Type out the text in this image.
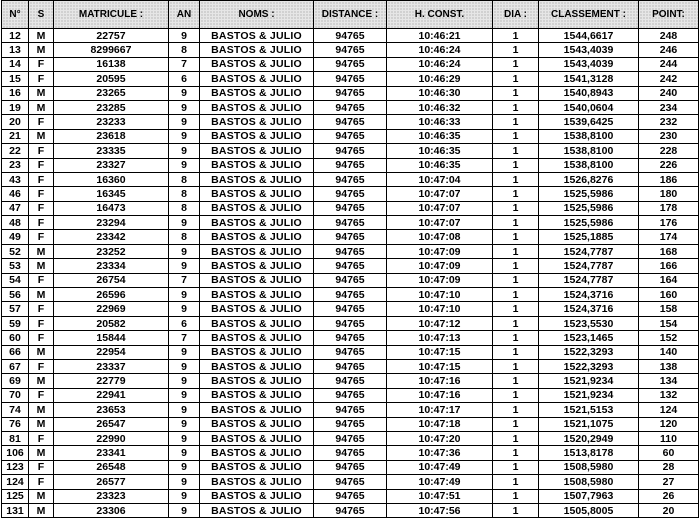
N°	S	MATRICULE :	AN	NOMS :	DISTANCE :	H. CONST.	DIA :	CLASSEMENT :	POINT:
12	M	22757	9	BASTOS & JULIO	94765	10:46:21	1	1544,6617	248
13	M	8299667	8	BASTOS & JULIO	94765	10:46:24	1	1543,4039	246
14	F	16138	7	BASTOS & JULIO	94765	10:46:24	1	1543,4039	244
15	F	20595	6	BASTOS & JULIO	94765	10:46:29	1	1541,3128	242
16	M	23265	9	BASTOS & JULIO	94765	10:46:30	1	1540,8943	240
19	M	23285	9	BASTOS & JULIO	94765	10:46:32	1	1540,0604	234
20	F	23233	9	BASTOS & JULIO	94765	10:46:33	1	1539,6425	232
21	M	23618	9	BASTOS & JULIO	94765	10:46:35	1	1538,8100	230
22	F	23335	9	BASTOS & JULIO	94765	10:46:35	1	1538,8100	228
23	F	23327	9	BASTOS & JULIO	94765	10:46:35	1	1538,8100	226
43	F	16360	8	BASTOS & JULIO	94765	10:47:04	1	1526,8276	186
46	F	16345	8	BASTOS & JULIO	94765	10:47:07	1	1525,5986	180
47	F	16473	8	BASTOS & JULIO	94765	10:47:07	1	1525,5986	178
48	F	23294	9	BASTOS & JULIO	94765	10:47:07	1	1525,5986	176
49	F	23342	8	BASTOS & JULIO	94765	10:47:08	1	1525,1885	174
52	M	23252	9	BASTOS & JULIO	94765	10:47:09	1	1524,7787	168
53	M	23334	9	BASTOS & JULIO	94765	10:47:09	1	1524,7787	166
54	F	26754	7	BASTOS & JULIO	94765	10:47:09	1	1524,7787	164
56	M	26596	9	BASTOS & JULIO	94765	10:47:10	1	1524,3716	160
57	F	22969	9	BASTOS & JULIO	94765	10:47:10	1	1524,3716	158
59	F	20582	6	BASTOS & JULIO	94765	10:47:12	1	1523,5530	154
60	F	15844	7	BASTOS & JULIO	94765	10:47:13	1	1523,1465	152
66	M	22954	9	BASTOS & JULIO	94765	10:47:15	1	1522,3293	140
67	F	23337	9	BASTOS & JULIO	94765	10:47:15	1	1522,3293	138
69	M	22779	9	BASTOS & JULIO	94765	10:47:16	1	1521,9234	134
70	F	22941	9	BASTOS & JULIO	94765	10:47:16	1	1521,9234	132
74	M	23653	9	BASTOS & JULIO	94765	10:47:17	1	1521,5153	124
76	M	26547	9	BASTOS & JULIO	94765	10:47:18	1	1521,1075	120
81	F	22990	9	BASTOS & JULIO	94765	10:47:20	1	1520,2949	110
106	M	23341	9	BASTOS & JULIO	94765	10:47:36	1	1513,8178	60
123	F	26548	9	BASTOS & JULIO	94765	10:47:49	1	1508,5980	28
124	F	26577	9	BASTOS & JULIO	94765	10:47:49	1	1508,5980	27
125	M	23323	9	BASTOS & JULIO	94765	10:47:51	1	1507,7963	26
131	M	23306	9	BASTOS & JULIO	94765	10:47:56	1	1505,8005	20
